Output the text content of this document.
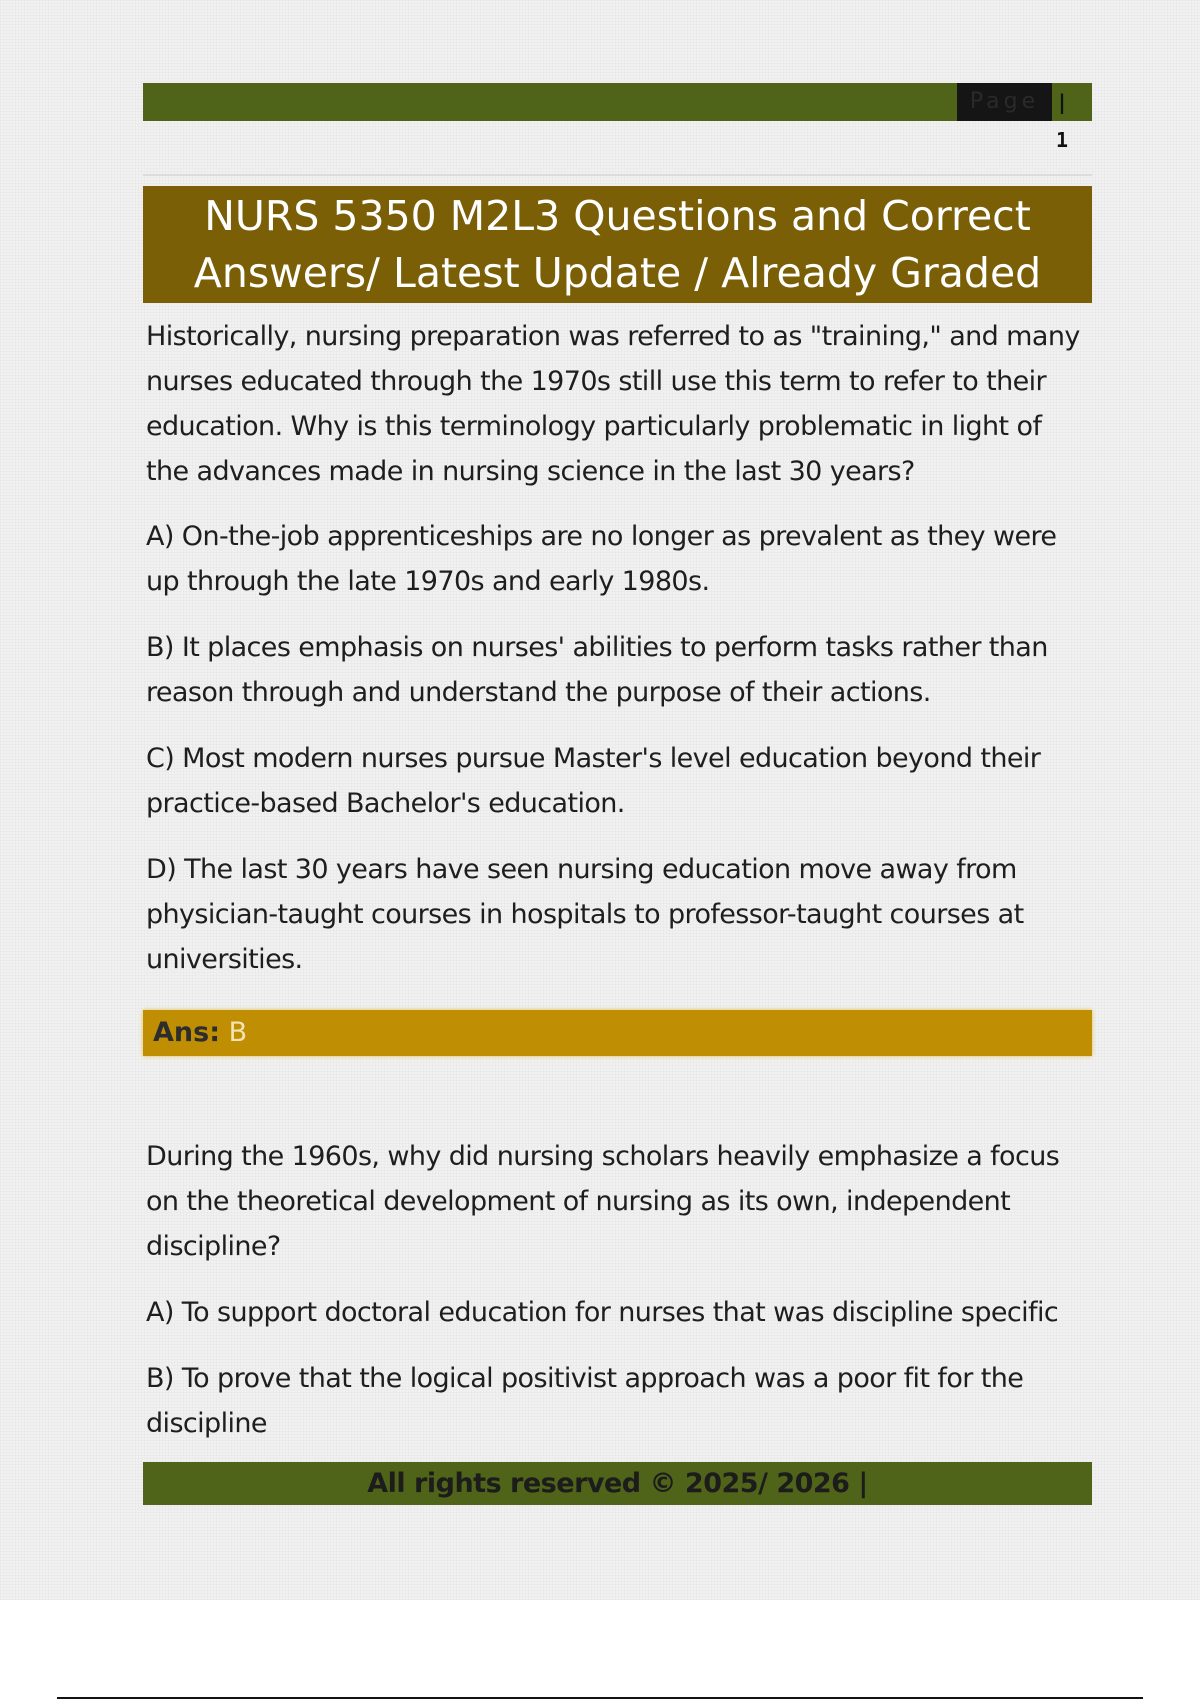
Page | 1
NURS 5350 M2L3 Questions and Correct
Answers/ Latest Update / Already Graded
Historically, nursing preparation was referred to as "training," and many nurses educated through the 1970s still use this term to refer to their education. Why is this terminology particularly problematic in light of the advances made in nursing science in the last 30 years?
A) On-the-job apprenticeships are no longer as prevalent as they were up through the late 1970s and early 1980s.
B) It places emphasis on nurses' abilities to perform tasks rather than reason through and understand the purpose of their actions.
C) Most modern nurses pursue Master's level education beyond their practice-based Bachelor's education.
D) The last 30 years have seen nursing education move away from physician-taught courses in hospitals to professor-taught courses at universities.
Ans: B
During the 1960s, why did nursing scholars heavily emphasize a focus on the theoretical development of nursing as its own, independent discipline?
A) To support doctoral education for nurses that was discipline specific
B) To prove that the logical positivist approach was a poor fit for the discipline
All rights reserved © 2025/ 2026 |
